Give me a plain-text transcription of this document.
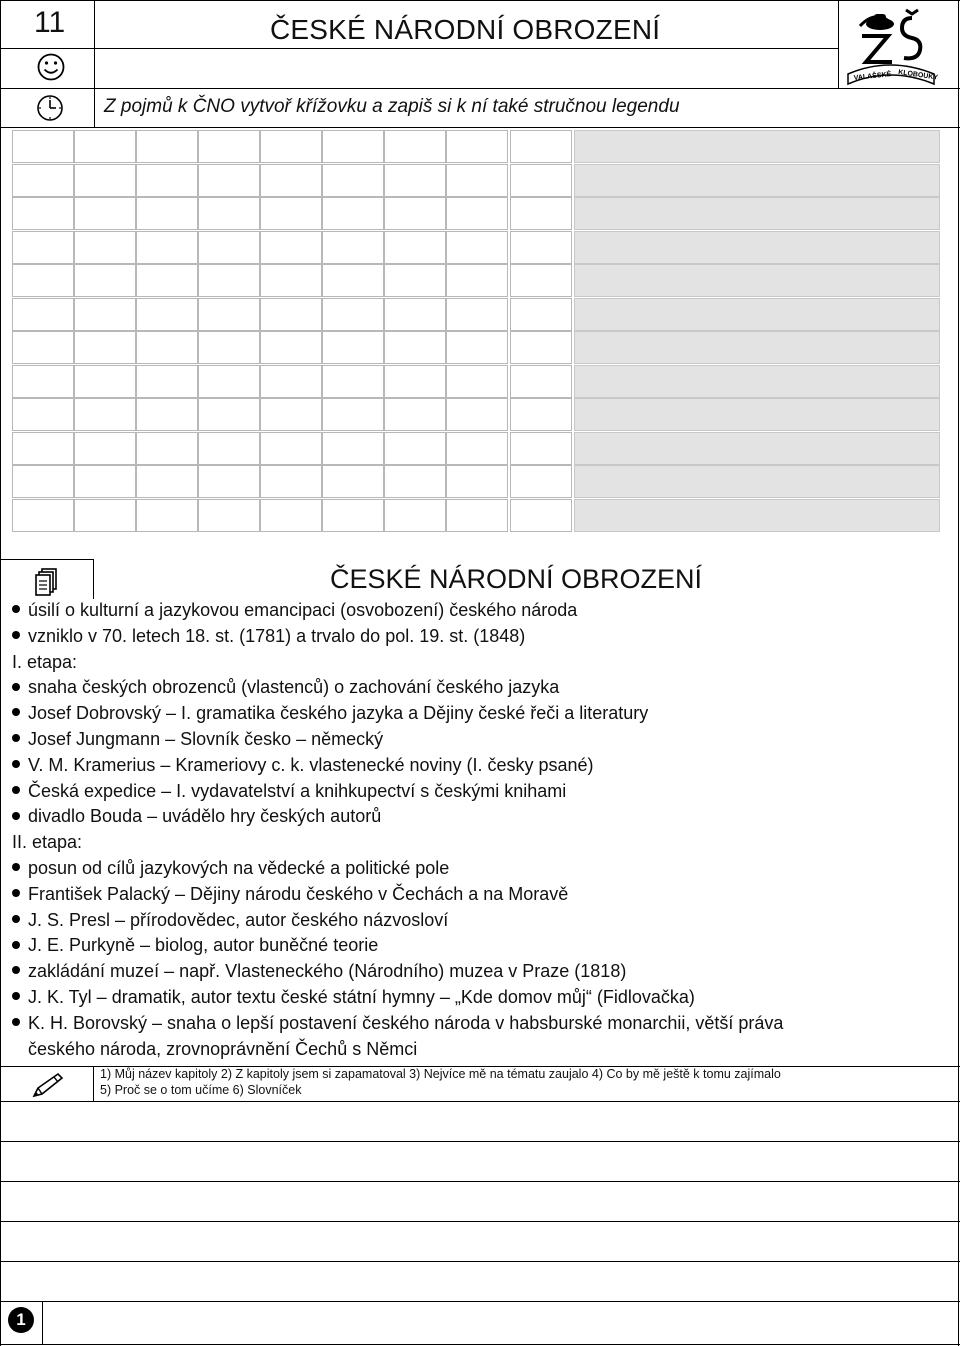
11	ČESKÉ NÁRODNÍ OBROZENÍ
Z pojmů k ČNO vytvoř křížovku a zapiš si k ní také stručnou legendu
VALAŠSKÉ KLOBOUKY
ČESKÉ NÁRODNÍ OBROZENÍ
úsilí o kulturní a jazykovou emancipaci (osvobození) českého národa
vzniklo v 70. letech 18. st. (1781) a trvalo do pol. 19. st. (1848)
I. etapa:
snaha českých obrozenců (vlastenců) o zachování českého jazyka
Josef Dobrovský – I. gramatika českého jazyka a Dějiny české řeči a literatury
Josef Jungmann – Slovník česko – německý
V. M. Kramerius – Krameriovy c. k. vlastenecké noviny (I. česky psané)
Česká expedice – I. vydavatelství a knihkupectví s českými knihami
divadlo Bouda – uvádělo hry českých autorů
II. etapa:
posun od cílů jazykových na vědecké a politické pole
František Palacký – Dějiny národu českého v Čechách a na Moravě
J. S. Presl – přírodovědec, autor českého názvosloví
J. E. Purkyně – biolog, autor buněčné teorie
zakládání muzeí – např. Vlasteneckého (Národního) muzea v Praze (1818)
J. K. Tyl – dramatik, autor textu české státní hymny – „Kde domov můj“ (Fidlovačka)
K. H. Borovský – snaha o lepší postavení českého národa v habsburské monarchii, větší práva
českého národa, zrovnoprávnění Čechů s Němci
1) Můj název kapitoly 2) Z kapitoly jsem si zapamatoval 3) Nejvíce mě na tématu zaujalo 4) Co by mě ještě k tomu zajímalo
5) Proč se o tom učíme 6) Slovníček
1
